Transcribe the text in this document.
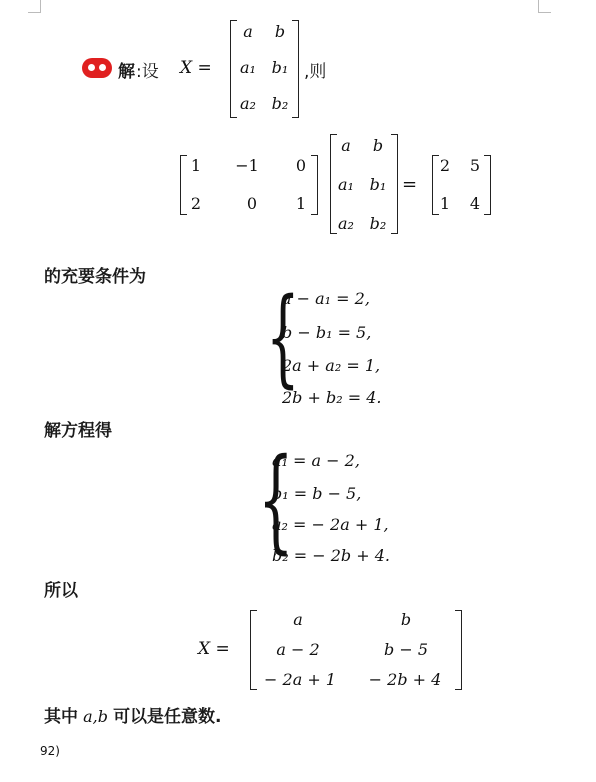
解 :设 X =
a	b
a₁ b₁
a₂ b₂
,则
1	−1 0
2	0	1
a	b
a₁ b₁
a₂ b₂
=
2 5
1 4
的充要条件为 {
a − a₁ = 2,
b − b₁ = 5,
2a + a₂ = 1,
2b + b₂ = 4.
解方程得
{
a₁ = a − 2,
b₁ = b − 5,
a₂ = − 2a + 1,
b₂ = − 2b + 4.
所以
X =
a	b
a − 2	b − 5
− 2a + 1	− 2b + 4
其中 a,b 可以是任意数.
92)
